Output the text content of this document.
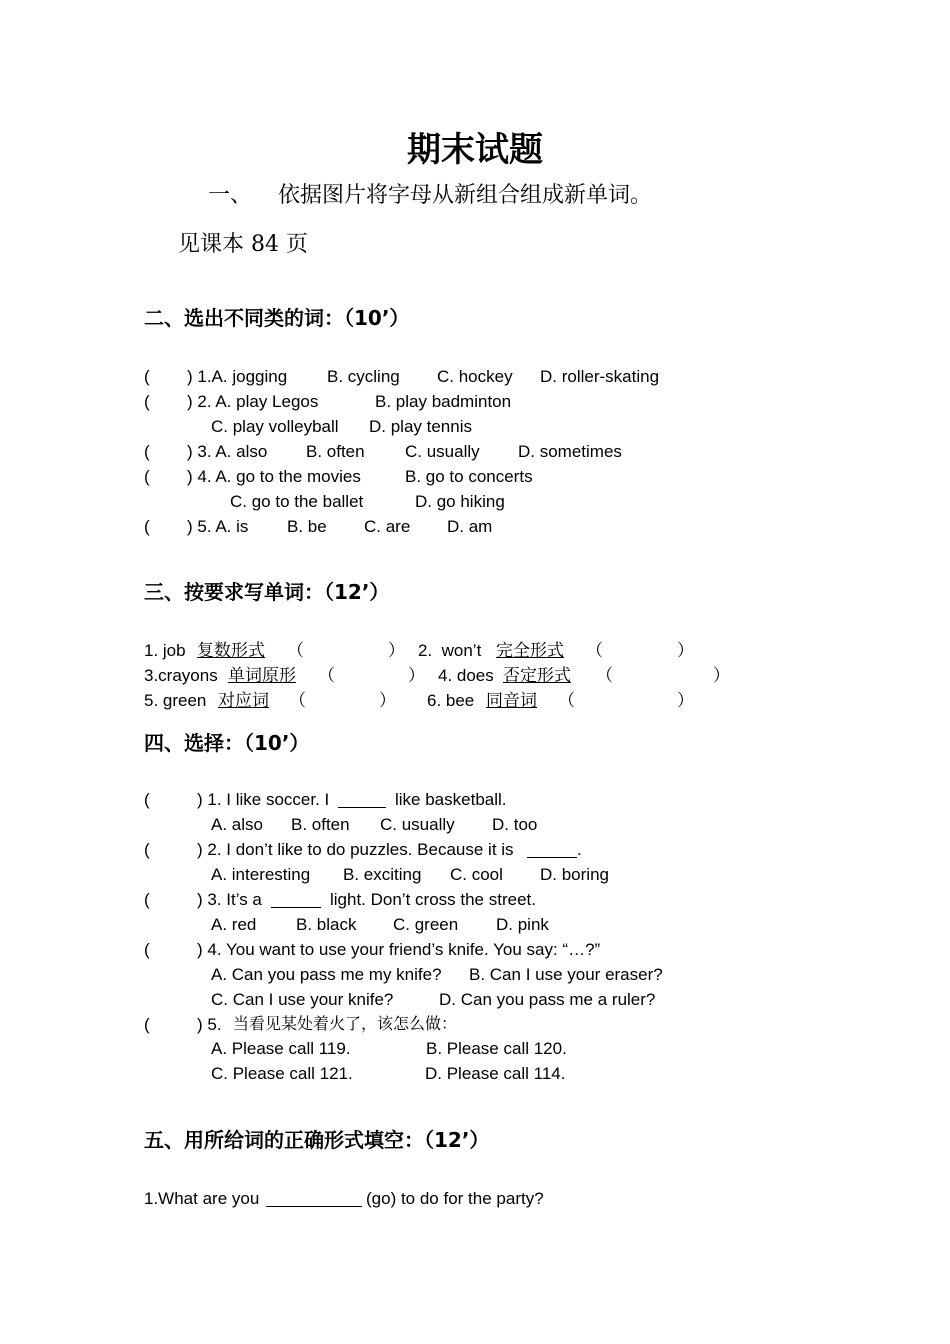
期末试题
一、 依据图片将字母从新组合组成新单词。
见课本 84 页
二、选出不同类的词：（10’）
( ) 1.A. jogging B. cycling C. hockey D. roller-skating
( ) 2. A. play Legos	B. play badminton
C. play volleyball D. play tennis
( ) 3. A. also B. often C. usually D. sometimes
( ) 4. A. go to the movies	B. go to concerts
C. go to the ballet	D. go hiking
( ) 5. A. is B. be C. are D. am
三、按要求写单词：（12’）
1. job 复数形式 （	） 2.  won’t 完全形式 （	）
3.crayons 单词原形 （	） 4. does 否定形式 （	）
5. green 对应词 （	） 6. bee 同音词 （	）
四、选择：（10’）
(	) 1. I like soccer. I	like basketball.
A. also B. often C. usually D. too
(	) 2. I don’t like to do puzzles. Because it is	.
A. interesting B. exciting C. cool D. boring
(	) 3. It’s a	light. Don’t cross the street.
A. red B. black C. green D. pink
(	) 4. You want to use your friend’s knife. You say: “…?”
A. Can you pass me my knife? B. Can I use your eraser?
C. Can I use your knife?	D. Can you pass me a ruler?
(	) 5. 当看见某处着火了，该怎么做：
A. Please call 119.	B. Please call 120.
C. Please call 121.	D. Please call 114.
五、用所给词的正确形式填空：（12’）
1.What are you	(go) to do for the party?
